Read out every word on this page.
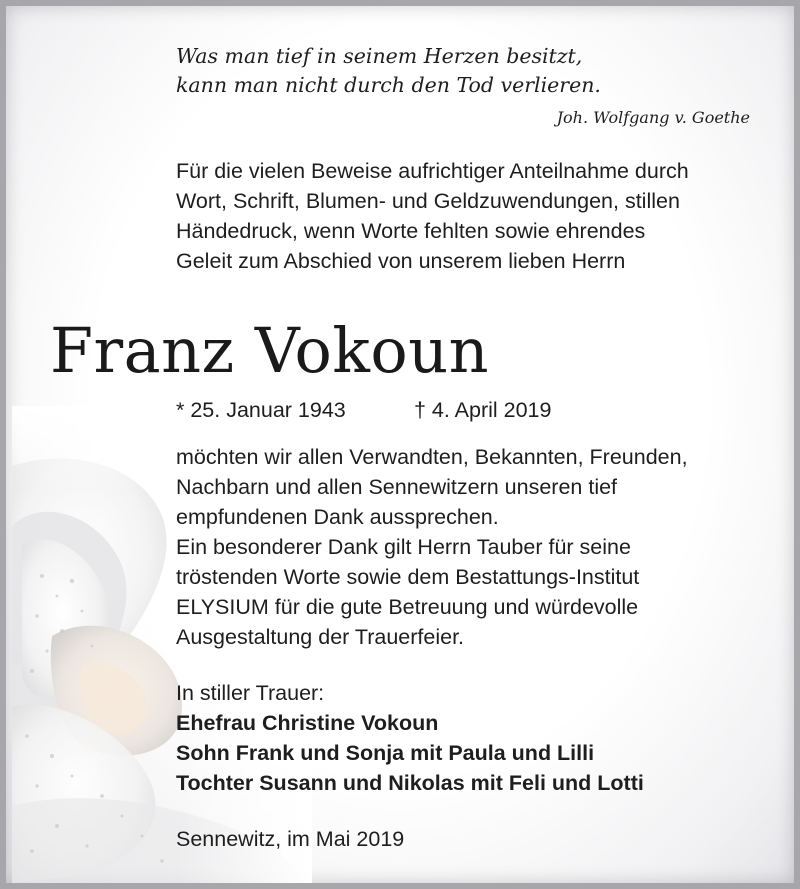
Was man tief in seinem Herzen besitzt,
kann man nicht durch den Tod verlieren.
Joh. Wolfgang v. Goethe
Für die vielen Beweise aufrichtiger Anteilnahme durch
Wort, Schrift, Blumen- und Geldzuwendungen, stillen
Händedruck, wenn Worte fehlten sowie ehrendes
Geleit zum Abschied von unserem lieben Herrn
Franz Vokoun
* 25. Januar 1943	† 4. April 2019
möchten wir allen Verwandten, Bekannten, Freunden,
Nachbarn und allen Sennewitzern unseren tief
empfundenen Dank aussprechen.
Ein besonderer Dank gilt Herrn Tauber für seine
tröstenden Worte sowie dem Bestattungs-Institut
ELYSIUM für die gute Betreuung und würdevolle
Ausgestaltung der Trauerfeier.
In stiller Trauer:
Ehefrau Christine Vokoun
Sohn Frank und Sonja mit Paula und Lilli
Tochter Susann und Nikolas mit Feli und Lotti
Sennewitz, im Mai 2019
